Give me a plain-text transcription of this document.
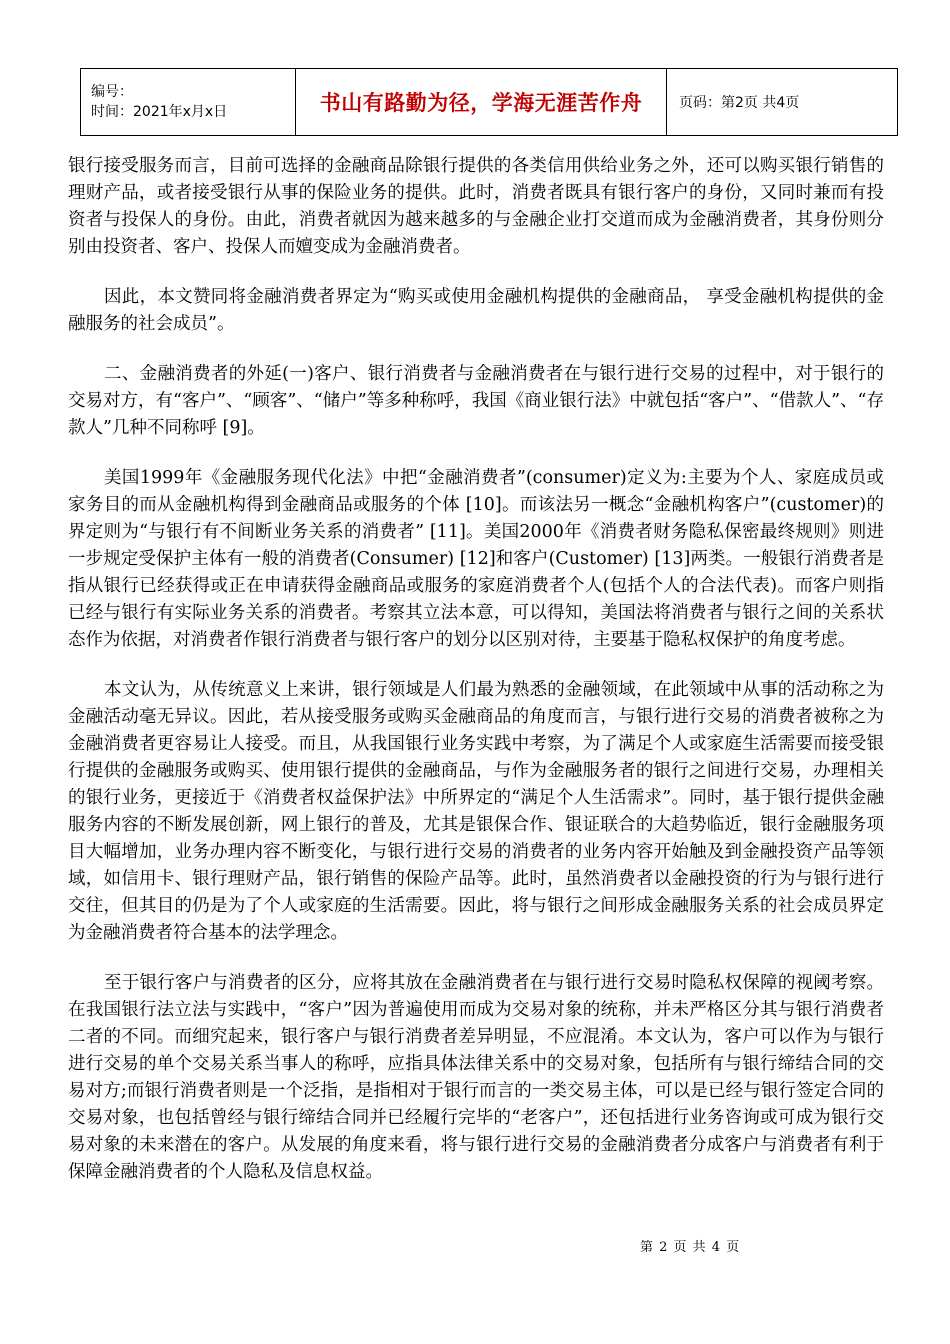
编号：
时间：2021年x月x日	书山有路勤为径，学海无涯苦作舟	页码：第2页 共4页

银行接受服务而言，目前可选择的金融商品除银行提供的各类信用供给业务之外，还可以购买银行销售的理财产品，或者接受银行从事的保险业务的提供。此时，消费者既具有银行客户的身份，又同时兼而有投资者与投保人的身份。由此，消费者就因为越来越多的与金融企业打交道而成为金融消费者，其身份则分别由投资者、客户、投保人而嬗变成为金融消费者。

因此，本文赞同将金融消费者界定为“购买或使用金融机构提供的金融商品， 享受金融机构提供的金融服务的社会成员”。

二、金融消费者的外延(一)客户、银行消费者与金融消费者在与银行进行交易的过程中，对于银行的交易对方，有“客户”、“顾客”、“储户”等多种称呼，我国《商业银行法》中就包括“客户”、“借款人”、“存款人”几种不同称呼 [9]。

美国1999年《金融服务现代化法》中把“金融消费者”(consumer)定义为:主要为个人、家庭成员或家务目的而从金融机构得到金融商品或服务的个体 [10]。而该法另一概念“金融机构客户”(customer)的界定则为“与银行有不间断业务关系的消费者” [11]。美国2000年《消费者财务隐私保密最终规则》则进一步规定受保护主体有一般的消费者(Consumer) [12]和客户(Customer) [13]两类。一般银行消费者是指从银行已经获得或正在申请获得金融商品或服务的家庭消费者个人(包括个人的合法代表)。而客户则指已经与银行有实际业务关系的消费者。考察其立法本意，可以得知，美国法将消费者与银行之间的关系状态作为依据，对消费者作银行消费者与银行客户的划分以区别对待，主要基于隐私权保护的角度考虑。

本文认为，从传统意义上来讲，银行领域是人们最为熟悉的金融领域，在此领域中从事的活动称之为金融活动毫无异议。因此，若从接受服务或购买金融商品的角度而言，与银行进行交易的消费者被称之为金融消费者更容易让人接受。而且，从我国银行业务实践中考察，为了满足个人或家庭生活需要而接受银行提供的金融服务或购买、使用银行提供的金融商品，与作为金融服务者的银行之间进行交易，办理相关的银行业务，更接近于《消费者权益保护法》中所界定的“满足个人生活需求”。同时，基于银行提供金融服务内容的不断发展创新，网上银行的普及，尤其是银保合作、银证联合的大趋势临近，银行金融服务项目大幅增加，业务办理内容不断变化，与银行进行交易的消费者的业务内容开始触及到金融投资产品等领域，如信用卡、银行理财产品，银行销售的保险产品等。此时，虽然消费者以金融投资的行为与银行进行交往，但其目的仍是为了个人或家庭的生活需要。因此，将与银行之间形成金融服务关系的社会成员界定为金融消费者符合基本的法学理念。

至于银行客户与消费者的区分，应将其放在金融消费者在与银行进行交易时隐私权保障的视阈考察。在我国银行法立法与实践中，“客户”因为普遍使用而成为交易对象的统称，并未严格区分其与银行消费者二者的不同。而细究起来，银行客户与银行消费者差异明显，不应混淆。本文认为，客户可以作为与银行进行交易的单个交易关系当事人的称呼，应指具体法律关系中的交易对象，包括所有与银行缔结合同的交易对方;而银行消费者则是一个泛指，是指相对于银行而言的一类交易主体，可以是已经与银行签定合同的交易对象，也包括曾经与银行缔结合同并已经履行完毕的“老客户”，还包括进行业务咨询或可成为银行交易对象的未来潜在的客户。从发展的角度来看，将与银行进行交易的金融消费者分成客户与消费者有利于保障金融消费者的个人隐私及信息权益。

第 2 页 共 4 页
